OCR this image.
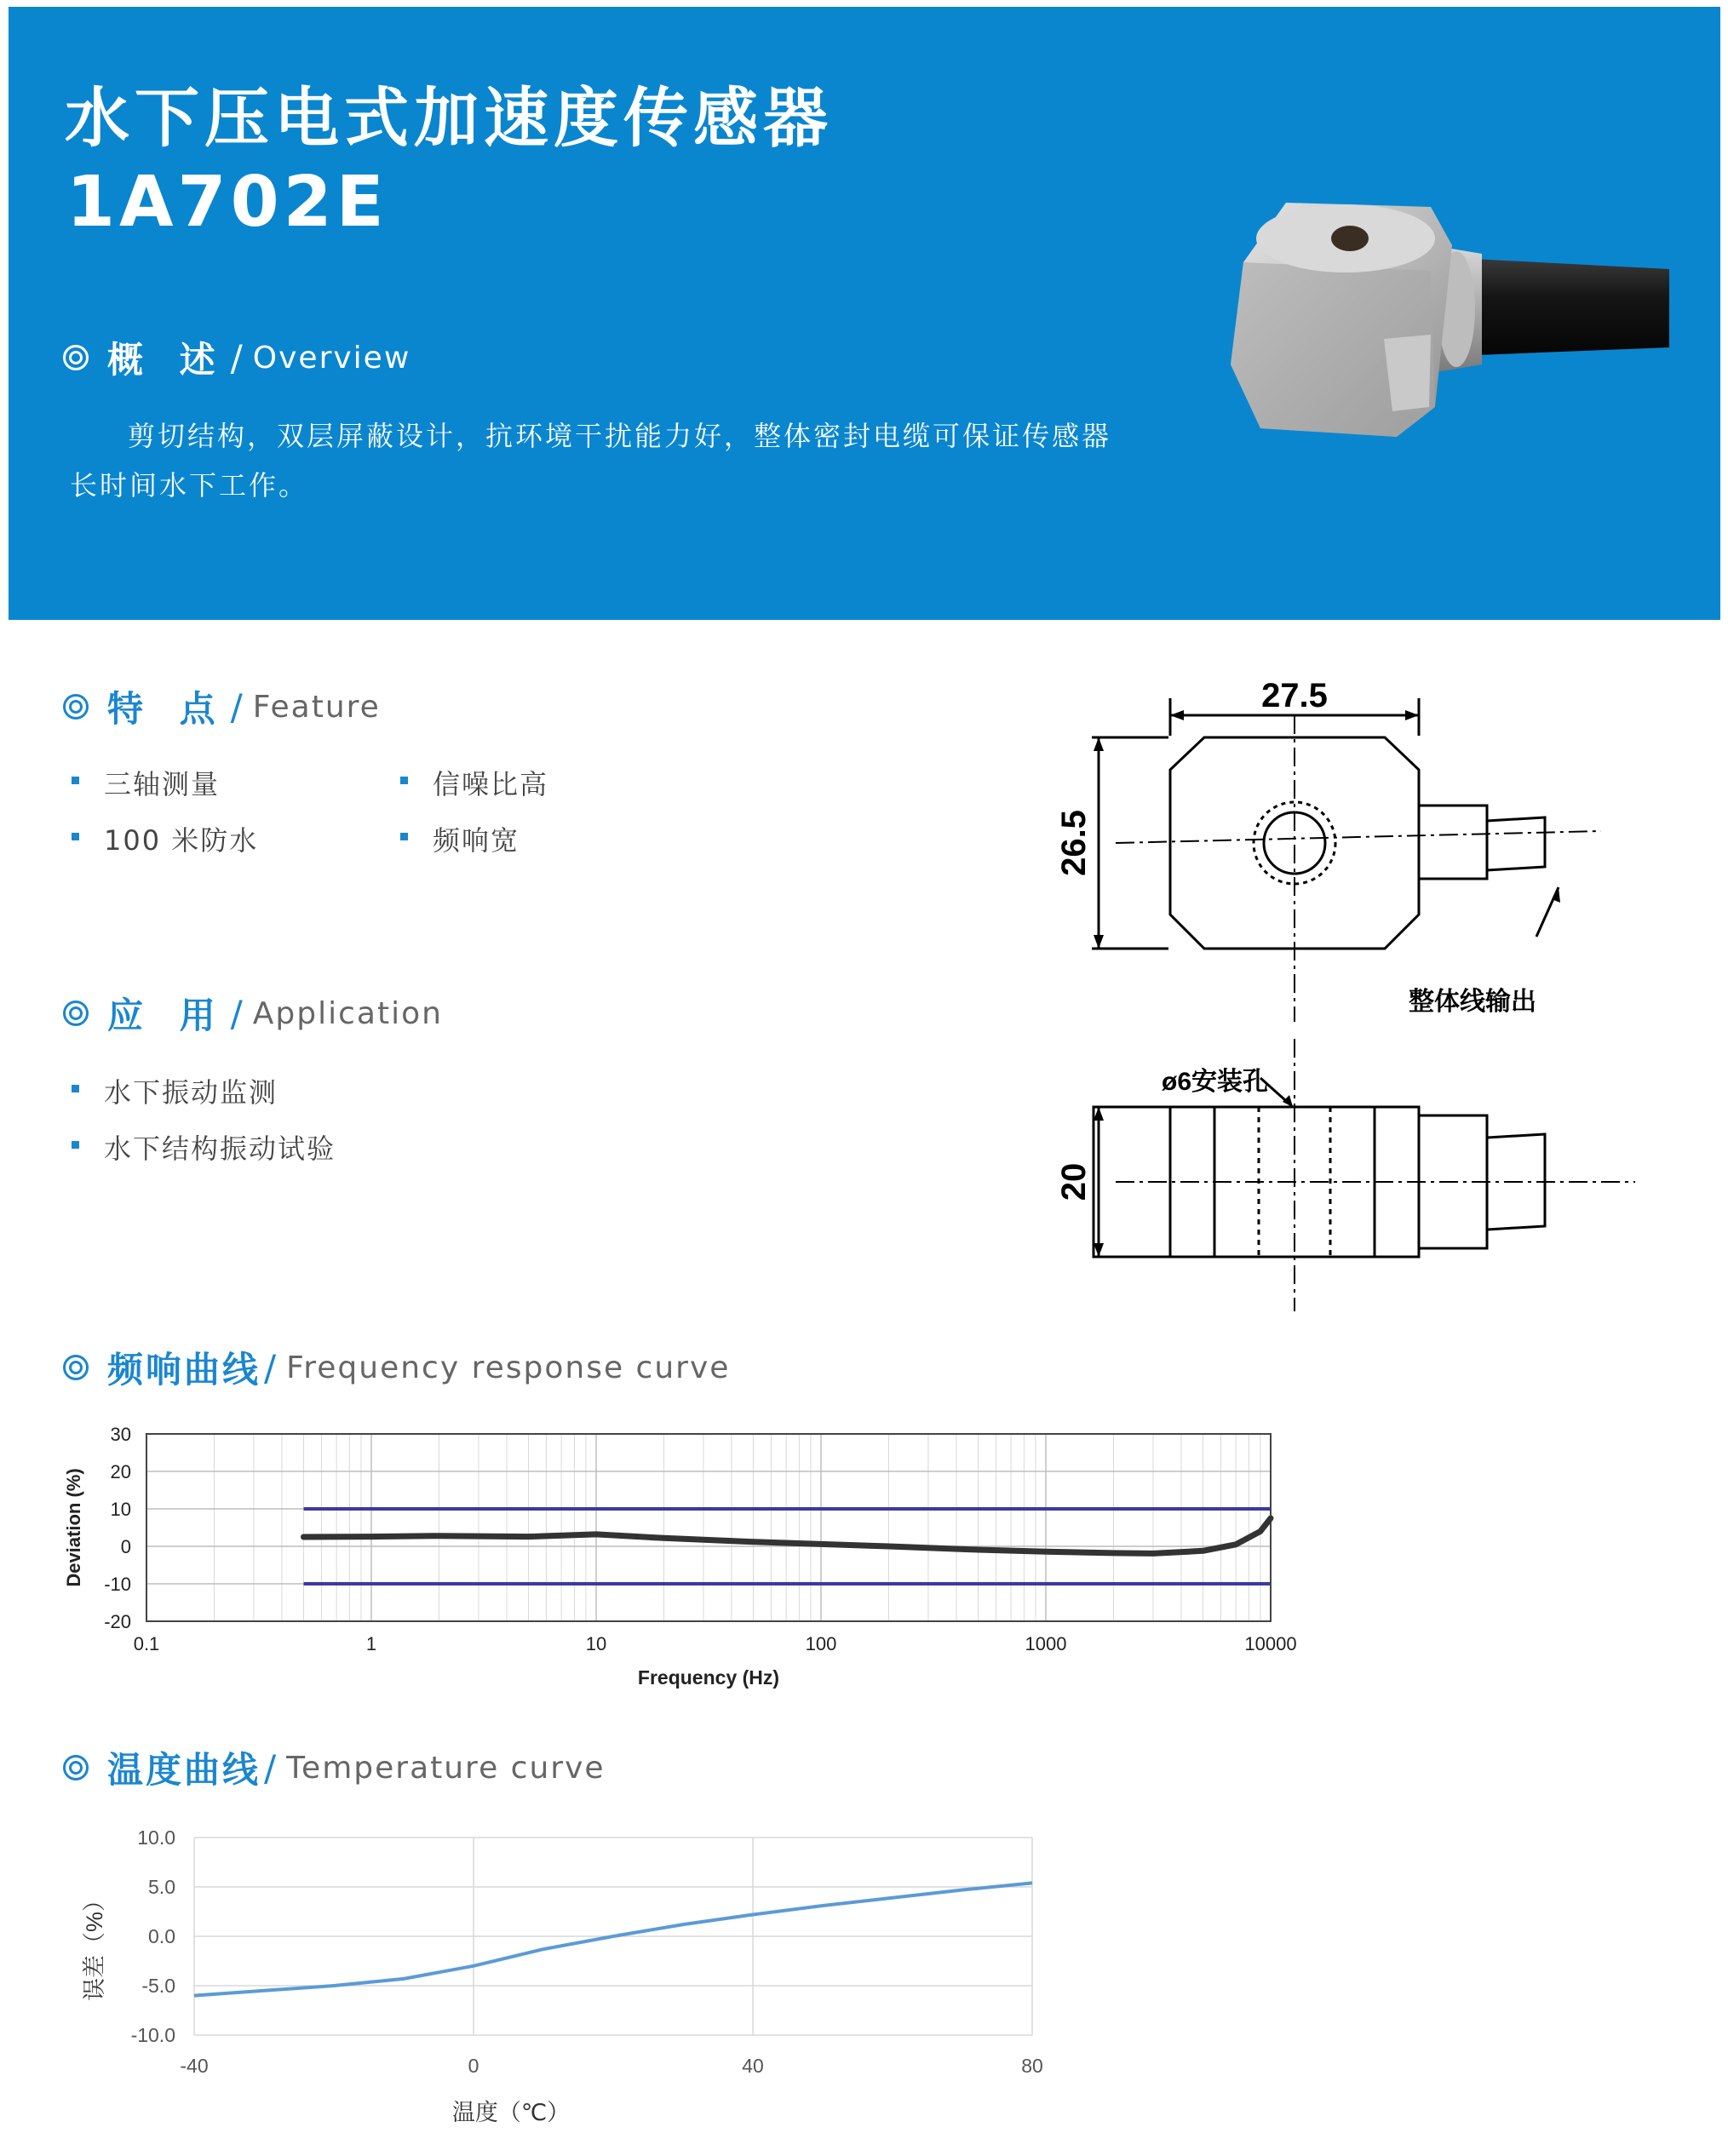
水下压电式加速度传感器
1A702E
概 述 / Overview
剪切结构，双层屏蔽设计，抗环境干扰能力好，整体密封电缆可保证传感器
长时间水下工作。
特 点 / Feature
三轴测量	信噪比高
100 米防水	频响宽
应 用 / Application
水下振动监测
水下结构振动试验
27.5
26.5
20
整体线输出
ø6安装孔
频响曲线 / Frequency response curve
0.1	1	10	100	1000	10000
30
20
10
0
-10
-20
Frequency (Hz)
Deviation (%)
温度曲线 / Temperature curve
10.0
5.0
0.0
-5.0
-10.0
-40	0	40	80
温度（℃）
误差（%）
